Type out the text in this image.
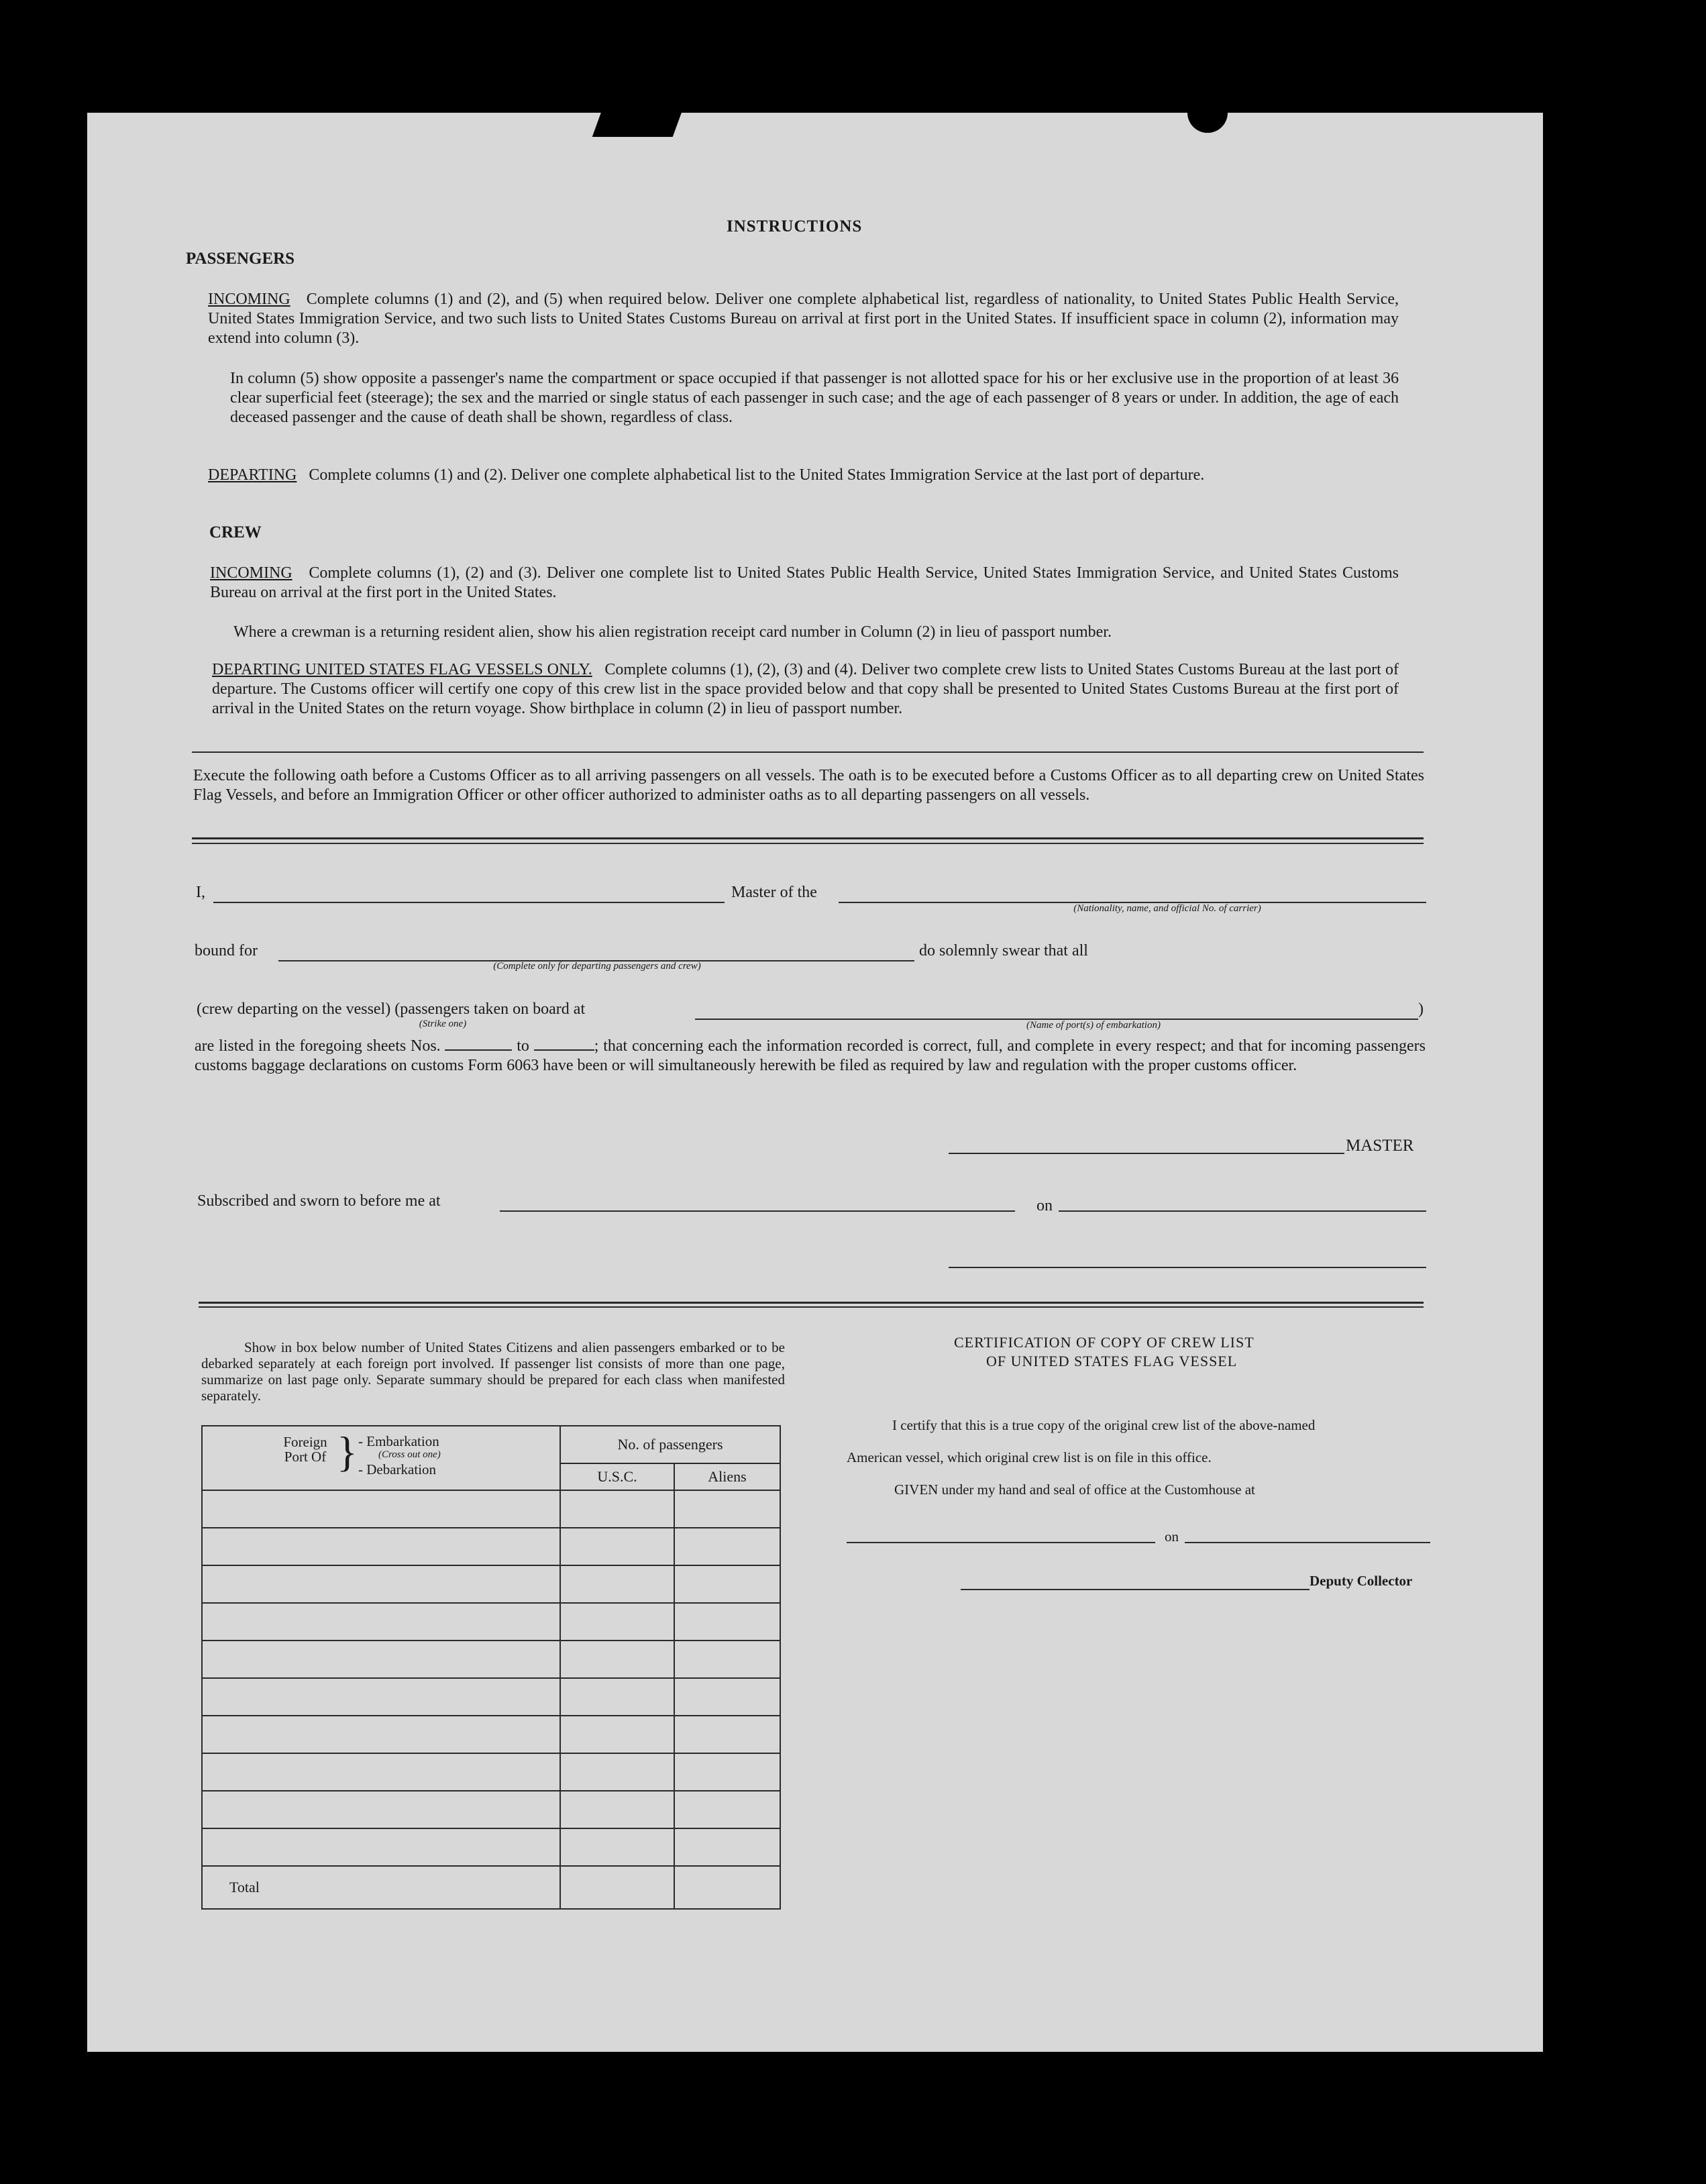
INSTRUCTIONS
PASSENGERS
INCOMING Complete columns (1) and (2), and (5) when required below. Deliver one complete alphabetical list, regardless of nationality, to United States Public Health Service, United States Immigration Service, and two such lists to United States Customs Bureau on arrival at first port in the United States. If insufficient space in column (2), information may extend into column (3).
In column (5) show opposite a passenger's name the compartment or space occupied if that passenger is not allotted space for his or her exclusive use in the proportion of at least 36 clear superficial feet (steerage); the sex and the married or single status of each passenger in such case; and the age of each passenger of 8 years or under. In addition, the age of each deceased passenger and the cause of death shall be shown, regardless of class.
DEPARTING Complete columns (1) and (2). Deliver one complete alphabetical list to the United States Immigration Service at the last port of departure.
CREW
INCOMING Complete columns (1), (2) and (3). Deliver one complete list to United States Public Health Service, United States Immigration Service, and United States Customs Bureau on arrival at the first port in the United States.
Where a crewman is a returning resident alien, show his alien registration receipt card number in Column (2) in lieu of passport number.
DEPARTING UNITED STATES FLAG VESSELS ONLY. Complete columns (1), (2), (3) and (4). Deliver two complete crew lists to United States Customs Bureau at the last port of departure. The Customs officer will certify one copy of this crew list in the space provided below and that copy shall be presented to United States Customs Bureau at the first port of arrival in the United States on the return voyage. Show birthplace in column (2) in lieu of passport number.
Execute the following oath before a Customs Officer as to all arriving passengers on all vessels. The oath is to be executed before a Customs Officer as to all departing crew on United States Flag Vessels, and before an Immigration Officer or other officer authorized to administer oaths as to all departing passengers on all vessels.
I,	Master of the
(Nationality, name, and official No. of carrier)
bound for
(Complete only for departing passengers and crew)
do solemnly swear that all
(crew departing on the vessel) (passengers taken on board at
(Strike one)	(Name of port(s) of embarkation)
)
are listed in the foregoing sheets Nos.	to	; that concerning each the information recorded is correct, full, and complete in every respect; and that for incoming passengers customs baggage declarations on customs Form 6063 have been or will simultaneously herewith be filed as required by law and regulation with the proper customs officer.
MASTER
Subscribed and sworn to before me at	on
Show in box below number of United States Citizens and alien passengers embarked or to be debarked separately at each foreign port involved. If passenger list consists of more than one page, summarize on last page only. Separate summary should be prepared for each class when manifested separately.
Foreign Port Of } - Embarkation
(Cross out one)
- Debarkation	No. of passengers	
	U.S.C.	Aliens

Total		
CERTIFICATION OF COPY OF CREW LIST
OF UNITED STATES FLAG VESSEL
I certify that this is a true copy of the original crew list of the above-named
American vessel, which original crew list is on file in this office.
GIVEN under my hand and seal of office at the Customhouse at
on
Deputy Collector
